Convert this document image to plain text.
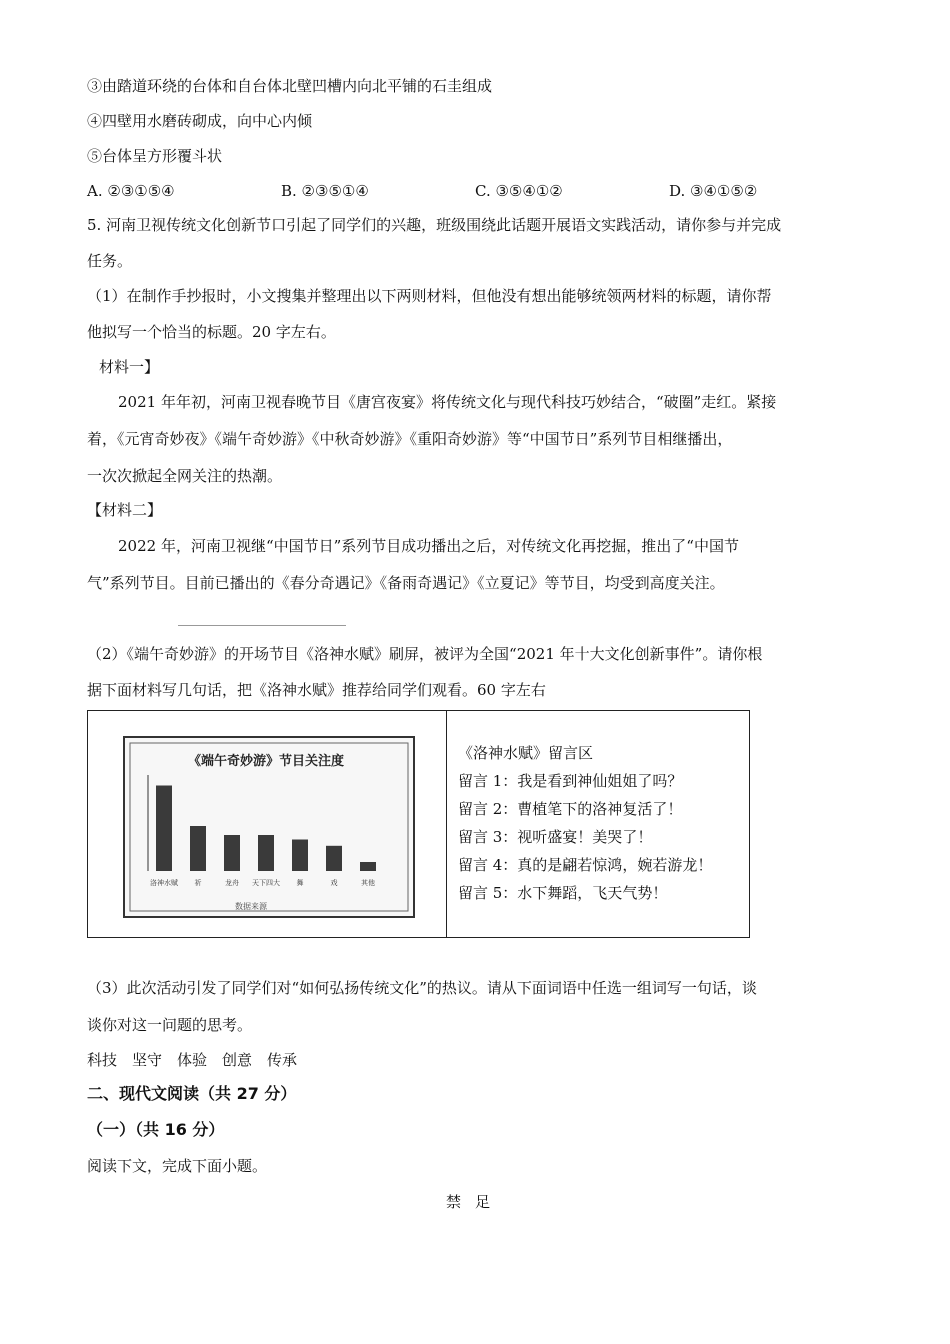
③由踏道环绕的台体和自台体北壁凹槽内向北平铺的石圭组成
④四壁用水磨砖砌成，向中心内倾
⑤台体呈方形覆斗状
A. ②③①⑤④	B. ②③⑤①④	C. ③⑤④①②	D. ③④①⑤②
5. 河南卫视传统文化创新节口引起了同学们的兴趣，班级围绕此话题开展语文实践活动，请你参与并完成
任务。
（1）在制作手抄报时，小文搜集并整理出以下两则材料，但他没有想出能够统领两材料的标题，请你帮
他拟写一个恰当的标题。20 字左右。
材料一】
2021 年年初，河南卫视春晚节目《唐宫夜宴》将传统文化与现代科技巧妙结合，“破圈”走红。紧接
着，《元宵奇妙夜》《端午奇妙游》《中秋奇妙游》《重阳奇妙游》等“中国节日”系列节目相继播出，
一次次掀起全网关注的热潮。
【材料二】
2022 年，河南卫视继“中国节日”系列节目成功播出之后，对传统文化再挖掘，推出了“中国节
气”系列节目。目前已播出的《春分奇遇记》《备雨奇遇记》《立夏记》等节目，均受到高度关注。
（2）《端午奇妙游》的开场节目《洛神水赋》刷屏，被评为全国“2021 年十大文化创新事件”。请你根
据下面材料写几句话，把《洛神水赋》推荐给同学们观看。60 字左右
《端午奇妙游》节目关注度
洛神水赋 祈	龙舟 天下四大 舞	戏	其他
数据来源
《洛神水赋》留言区
留言 1：我是看到神仙姐姐了吗？
留言 2：曹植笔下的洛神复活了！
留言 3：视听盛宴！美哭了！
留言 4：真的是翩若惊鸿，婉若游龙！
留言 5：水下舞蹈，飞天气势！
（3）此次活动引发了同学们对“如何弘扬传统文化”的热议。请从下面词语中任选一组词写一句话，谈
谈你对这一问题的思考。
科技　坚守　体验　创意　传承
二、现代文阅读（共 27 分）
（一）（共 16 分）
阅读下文，完成下面小题。
禁足
